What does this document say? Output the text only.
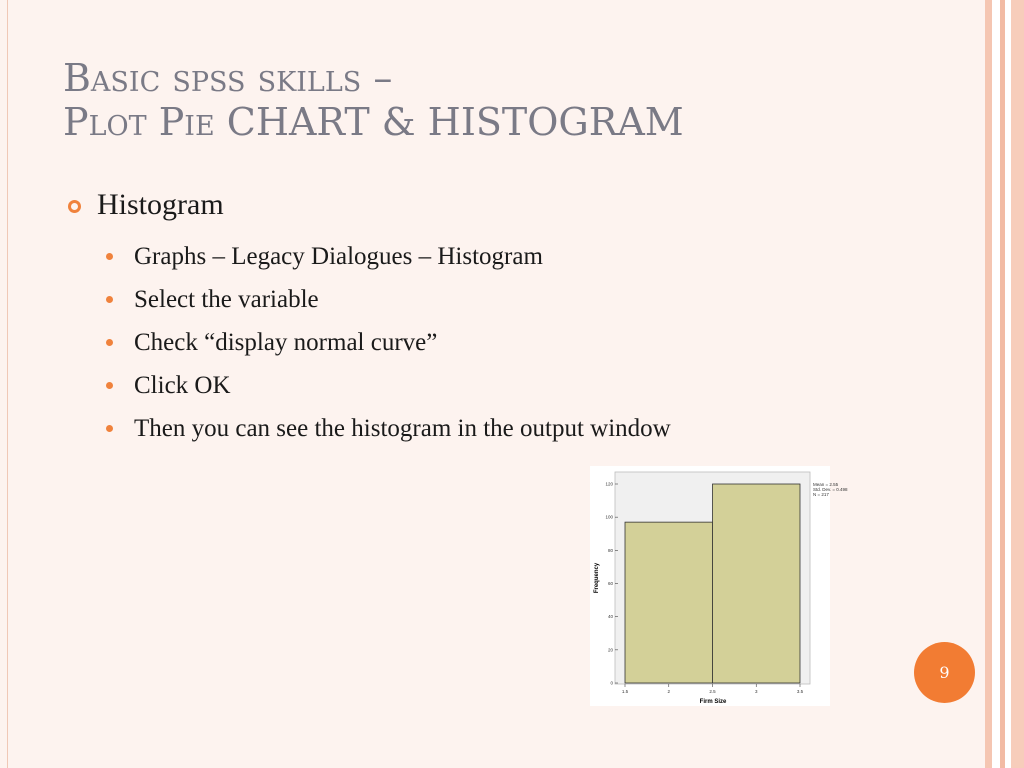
Basic spss skills –
Plot Pie CHART & HISTOGRAM
Histogram
Graphs – Legacy Dialogues – Histogram
Select the variable
Check “display normal curve”
Click OK
Then you can see the histogram in the output window
0
20
40
60
80
100
120
1.5	2	2.5	3	3.5
Mean = 2.55
Std. Dev. = 0.498
N = 217
Frequency
Firm Size
9
